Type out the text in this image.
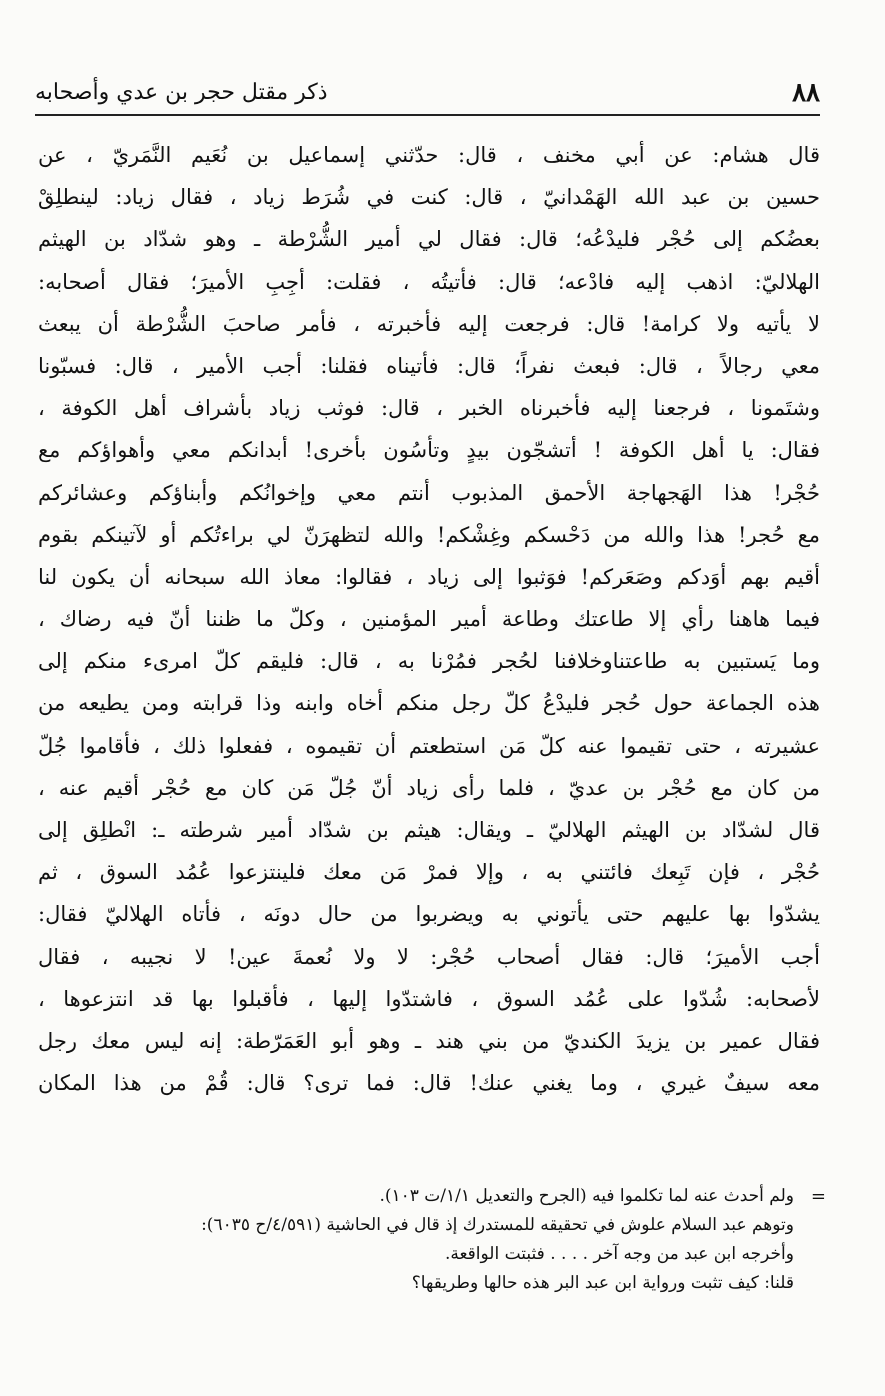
٨٨
ذكر مقتل حجر بن عدي وأصحابه
قال هشام: عن أبي مخنف ، قال: حدّثني إسماعيل بن نُعَيم النَّمَريّ ، عن
حسين بن عبد الله الهَمْدانيّ ، قال: كنت في شُرَط زياد ، فقال زياد: لينطلِقْ
بعضُكم إلى حُجْر فليدْعُه؛ قال: فقال لي أمير الشُّرْطة ـ وهو شدّاد بن الهيثم
الهلاليّ: اذهب إليه فادْعه؛ قال: فأتيتُه ، فقلت: أجِبِ الأميرَ؛ فقال أصحابه:
لا يأتيه ولا كرامة! قال: فرجعت إليه فأخبرته ، فأمر صاحبَ الشُّرْطة أن يبعث
معي رجالاً ، قال: فبعث نفراً؛ قال: فأتيناه فقلنا: أجب الأمير ، قال: فسبّونا
وشتَمونا ، فرجعنا إليه فأخبرناه الخبر ، قال: فوثب زياد بأشراف أهل الكوفة ،
فقال: يا أهل الكوفة ! أتشجّون بيدٍ وتأسُون بأخرى! أبدانكم معي وأهواؤكم مع
حُجْر! هذا الهَجهاجة الأحمق المذبوب أنتم معي وإخوانُكم وأبناؤكم وعشائركم
مع حُجر! هذا والله من دَحْسكم وغِشْكم! والله لتظهرَنّ لي براءتُكم أو لآتينكم بقوم
أقيم بهم أوَدكم وصَعَركم! فوَثبوا إلى زياد ، فقالوا: معاذ الله سبحانه أن يكون لنا
فيما هاهنا رأي إلا طاعتك وطاعة أمير المؤمنين ، وكلّ ما ظننا أنّ فيه رضاك ،
وما يَستبين به طاعتناوخلافنا لحُجر فمُرْنا به ، قال: فليقم كلّ امرىء منكم إلى
هذه الجماعة حول حُجر فليدْعُ كلّ رجل منكم أخاه وابنه وذا قرابته ومن يطيعه من
عشيرته ، حتى تقيموا عنه كلّ مَن استطعتم أن تقيموه ، ففعلوا ذلك ، فأقاموا جُلّ
من كان مع حُجْر بن عديّ ، فلما رأى زياد أنّ جُلّ مَن كان مع حُجْر أقيم عنه ،
قال لشدّاد بن الهيثم الهلاليّ ـ ويقال: هيثم بن شدّاد أمير شرطته ـ: انْطلِق إلى
حُجْر ، فإن تَبِعك فائتني به ، وإلا فمرْ مَن معك فلينتزعوا عُمُد السوق ، ثم
يشدّوا بها عليهم حتى يأتوني به ويضربوا من حال دونَه ، فأتاه الهلاليّ فقال:
أجب الأميرَ؛ قال: فقال أصحاب حُجْر: لا ولا نُعمةَ عين! لا نجيبه ، فقال
لأصحابه: شُدّوا على عُمُد السوق ، فاشتدّوا إليها ، فأقبلوا بها قد انتزعوها ،
فقال عمير بن يزيدَ الكنديّ من بني هند ـ وهو أبو العَمَرّطة: إنه ليس معك رجل
معه سيفٌ غيري ، وما يغني عنك! قال: فما ترى؟ قال: قُمْ من هذا المكان
=
ولم أحدث عنه لما تكلموا فيه (الجرح والتعديل ١/١/ت ١٠٣).
وتوهم عبد السلام علوش في تحقيقه للمستدرك إذ قال في الحاشية (٤/٥٩١/ح ٦٠٣٥):
وأخرجه ابن عبد من وجه آخر . . . . فثبتت الواقعة.
قلنا: كيف تثبت ورواية ابن عبد البر هذه حالها وطريقها؟
